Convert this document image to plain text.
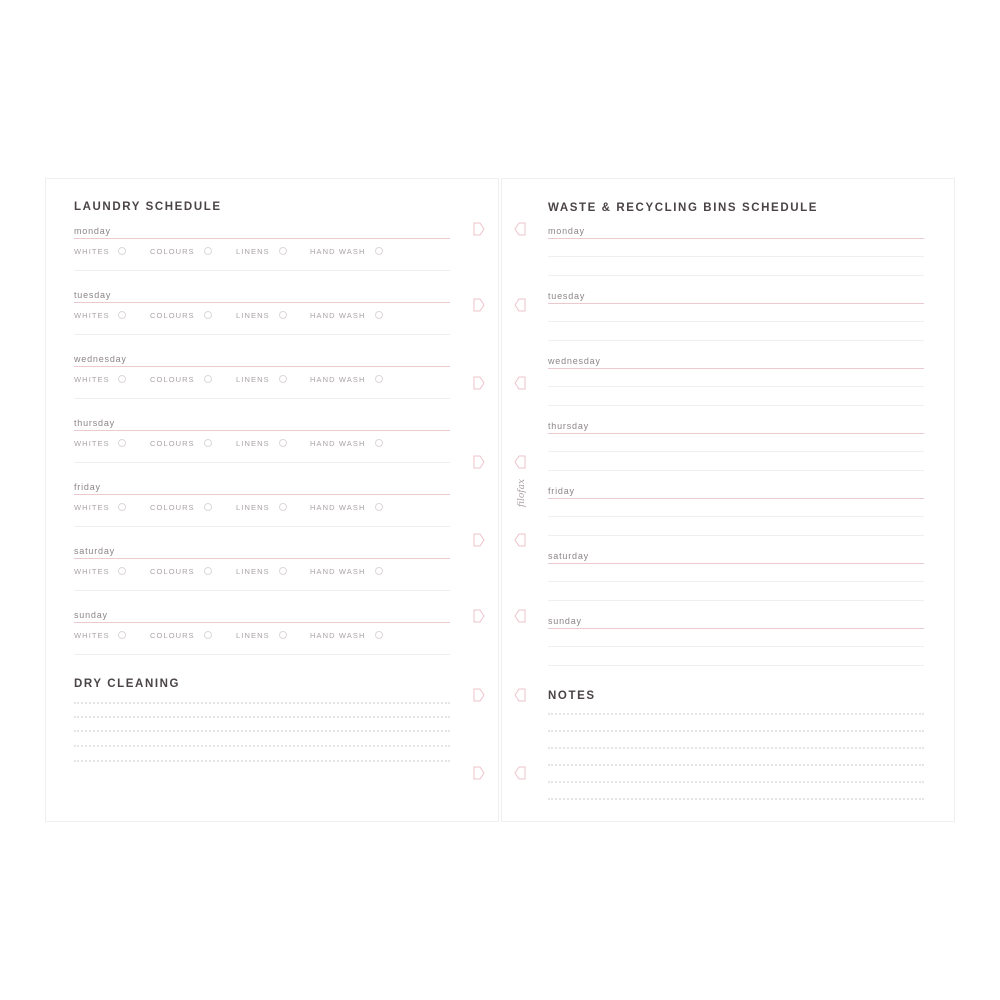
LAUNDRY SCHEDULE
monday
WHITES	COLOURS	LINENS	HAND WASH
tuesday
WHITES	COLOURS	LINENS	HAND WASH
wednesday
WHITES	COLOURS	LINENS	HAND WASH
thursday
WHITES	COLOURS	LINENS	HAND WASH
friday
WHITES	COLOURS	LINENS	HAND WASH
saturday
WHITES	COLOURS	LINENS	HAND WASH
sunday
WHITES	COLOURS	LINENS	HAND WASH
DRY CLEANING
WASTE & RECYCLING BINS SCHEDULE
monday
tuesday
wednesday
thursday
friday
saturday
sunday
NOTES
filofax
